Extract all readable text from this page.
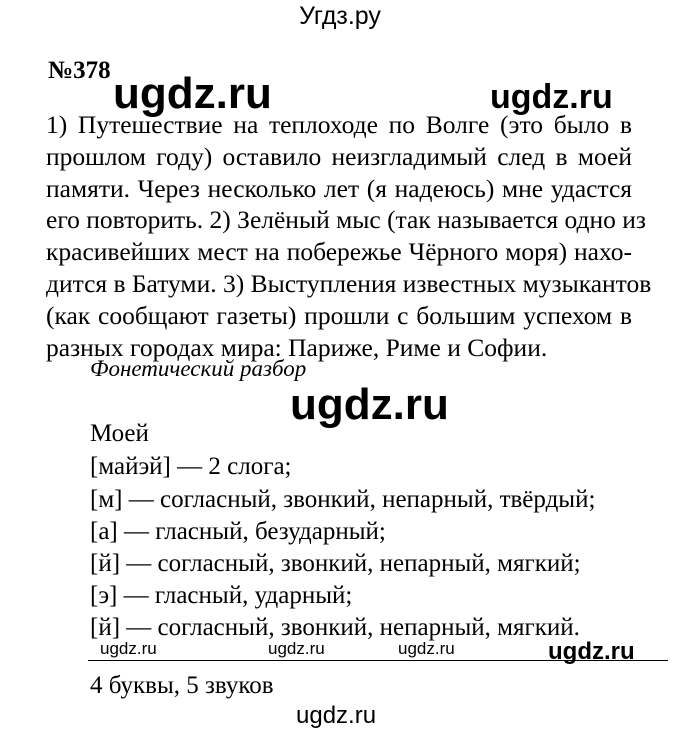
Угдз.ру
№378 ugdz.ru	ugdz.ru
1) Путешествие на теплоходе по Волге (это было в
прошлом году) оставило неизгладимый след в моей
памяти. Через несколько лет (я надеюсь) мне удастся
его повторить. 2) Зелёный мыс (так называется одно из
красивейших мест на побережье Чёрного моря) нахо-
дится в Батуми. 3) Выступления известных музыкантов
(как сообщают газеты) прошли с большим успехом в
разных городах мира: Париже, Риме и Софии.
Фонетический разбор
ugdz.ru
Моей
[майэй] — 2 слога;
[м] — согласный, звонкий, непарный, твёрдый;
[а] — гласный, безударный;
[й] — согласный, звонкий, непарный, мягкий;
[э] — гласный, ударный;
[й] — согласный, звонкий, непарный, мягкий.
ugdz.ru	ugdz.ru	ugdz.ru	ugdz.ru
4 буквы, 5 звуков
ugdz.ru
